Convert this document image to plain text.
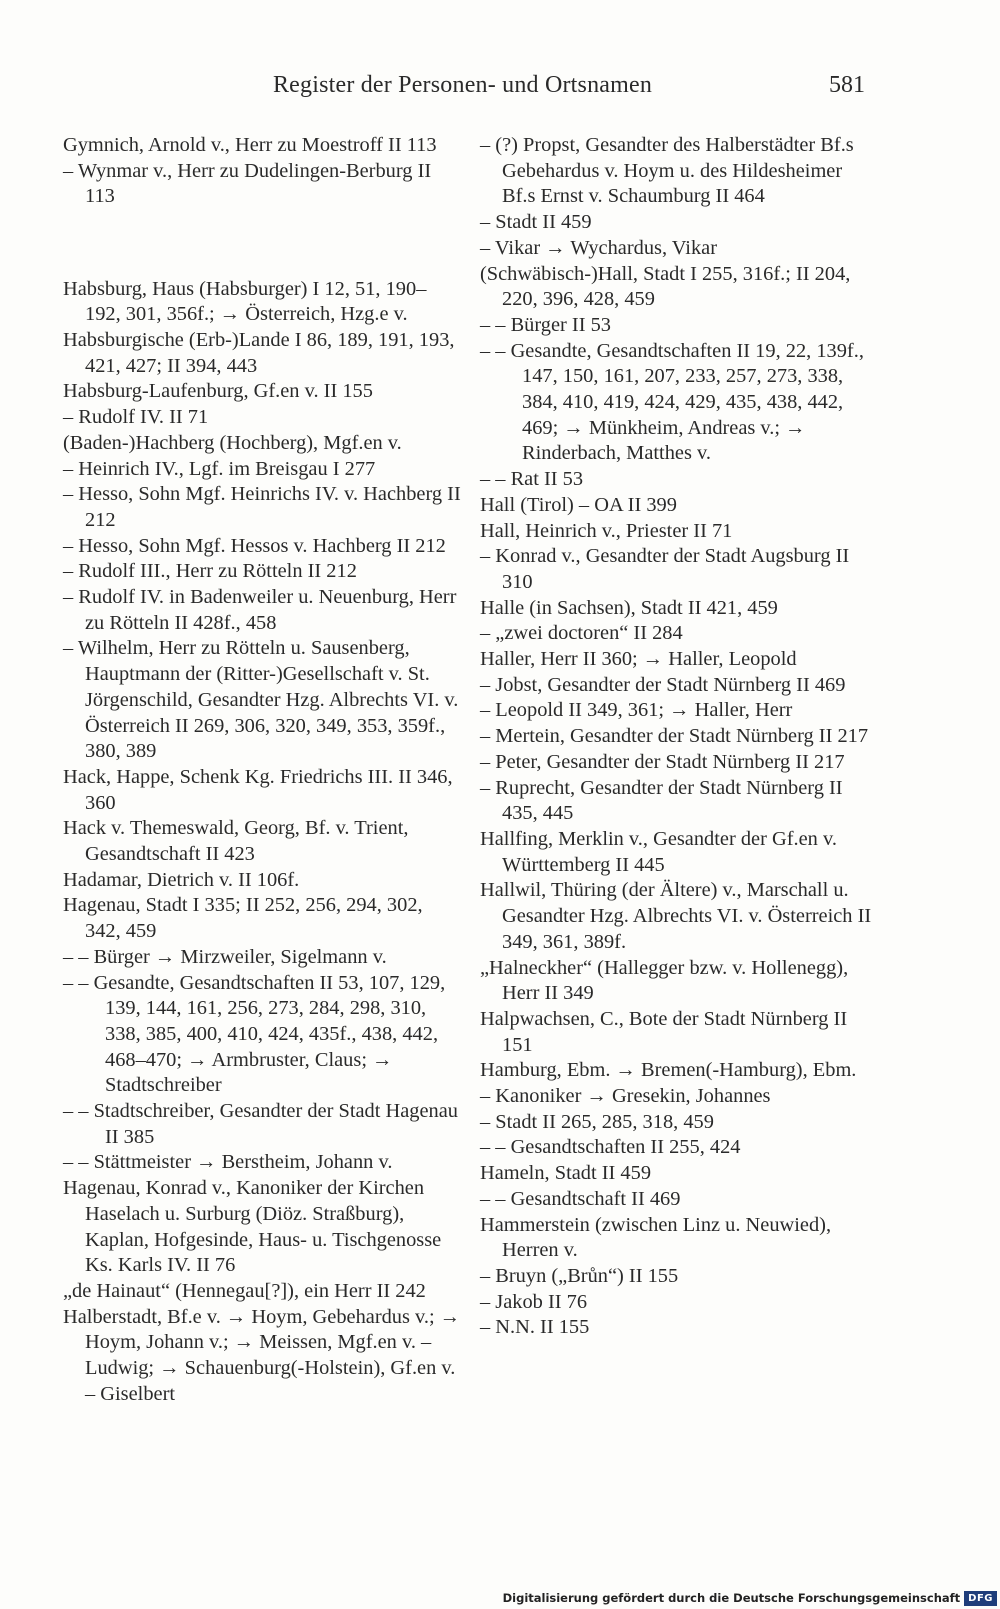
Register der Personen- und Ortsnamen	581

Gymnich, Arnold v., Herr zu Moestroff II 113

– Wynmar v., Herr zu Dudelingen-Berburg II 113

Habsburg, Haus (Habsburger) I 12, 51, 190–192, 301, 356f.; → Österreich, Hzg.e v.

Habsburgische (Erb-)Lande I 86, 189, 191, 193, 421, 427; II 394, 443

Habsburg-Laufenburg, Gf.en v. II 155

– Rudolf IV. II 71

(Baden-)Hachberg (Hochberg), Mgf.en v.

– Heinrich IV., Lgf. im Breisgau I 277

– Hesso, Sohn Mgf. Heinrichs IV. v. Hachberg II 212

– Hesso, Sohn Mgf. Hessos v. Hachberg II 212

– Rudolf III., Herr zu Rötteln II 212

– Rudolf IV. in Badenweiler u. Neuenburg, Herr zu Rötteln II 428f., 458

– Wilhelm, Herr zu Rötteln u. Sausenberg, Hauptmann der (Ritter-)Gesellschaft v. St. Jörgenschild, Gesandter Hzg. Albrechts VI. v. Österreich II 269, 306, 320, 349, 353, 359f., 380, 389

Hack, Happe, Schenk Kg. Friedrichs III. II 346, 360

Hack v. Themeswald, Georg, Bf. v. Trient, Gesandtschaft II 423

Hadamar, Dietrich v. II 106f.

Hagenau, Stadt I 335; II 252, 256, 294, 302, 342, 459

– – Bürger → Mirzweiler, Sigelmann v.

– – Gesandte, Gesandtschaften II 53, 107, 129, 139, 144, 161, 256, 273, 284, 298, 310, 338, 385, 400, 410, 424, 435f., 438, 442, 468–470; → Armbruster, Claus; → Stadtschreiber

– – Stadtschreiber, Gesandter der Stadt Hagenau II 385

– – Stättmeister → Berstheim, Johann v.

Hagenau, Konrad v., Kanoniker der Kirchen Haselach u. Surburg (Diöz. Straßburg), Kaplan, Hofgesinde, Haus- u. Tischgenosse Ks. Karls IV. II 76

„de Hainaut“ (Hennegau[?]), ein Herr II 242

Halberstadt, Bf.e v. → Hoym, Gebehardus v.; → Hoym, Johann v.; → Meissen, Mgf.en v. – Ludwig; → Schauenburg(-Holstein), Gf.en v. – Giselbert

– (?) Propst, Gesandter des Halberstädter Bf.s Gebehardus v. Hoym u. des Hildesheimer Bf.s Ernst v. Schaumburg II 464

– Stadt II 459

– Vikar → Wychardus, Vikar

(Schwäbisch-)Hall, Stadt I 255, 316f.; II 204, 220, 396, 428, 459

– – Bürger II 53

– – Gesandte, Gesandtschaften II 19, 22, 139f., 147, 150, 161, 207, 233, 257, 273, 338, 384, 410, 419, 424, 429, 435, 438, 442, 469; → Münkheim, Andreas v.; → Rinderbach, Matthes v.

– – Rat II 53

Hall (Tirol) – OA II 399

Hall, Heinrich v., Priester II 71

– Konrad v., Gesandter der Stadt Augsburg II 310

Halle (in Sachsen), Stadt II 421, 459

– „zwei doctoren“ II 284

Haller, Herr II 360; → Haller, Leopold

– Jobst, Gesandter der Stadt Nürnberg II 469

– Leopold II 349, 361; → Haller, Herr

– Mertein, Gesandter der Stadt Nürnberg II 217

– Peter, Gesandter der Stadt Nürnberg II 217

– Ruprecht, Gesandter der Stadt Nürnberg II 435, 445

Hallfing, Merklin v., Gesandter der Gf.en v. Württemberg II 445

Hallwil, Thüring (der Ältere) v., Marschall u. Gesandter Hzg. Albrechts VI. v. Österreich II 349, 361, 389f.

„Halneckher“ (Hallegger bzw. v. Hollenegg), Herr II 349

Halpwachsen, C., Bote der Stadt Nürnberg II 151

Hamburg, Ebm. → Bremen(-Hamburg), Ebm.

– Kanoniker → Gresekin, Johannes

– Stadt II 265, 285, 318, 459

– – Gesandtschaften II 255, 424

Hameln, Stadt II 459

– – Gesandtschaft II 469

Hammerstein (zwischen Linz u. Neuwied), Herren v.

– Bruyn („Brůn“) II 155

– Jakob II 76

– N.N. II 155

Digitalisierung gefördert durch die Deutsche Forschungsgemeinschaft DFG
